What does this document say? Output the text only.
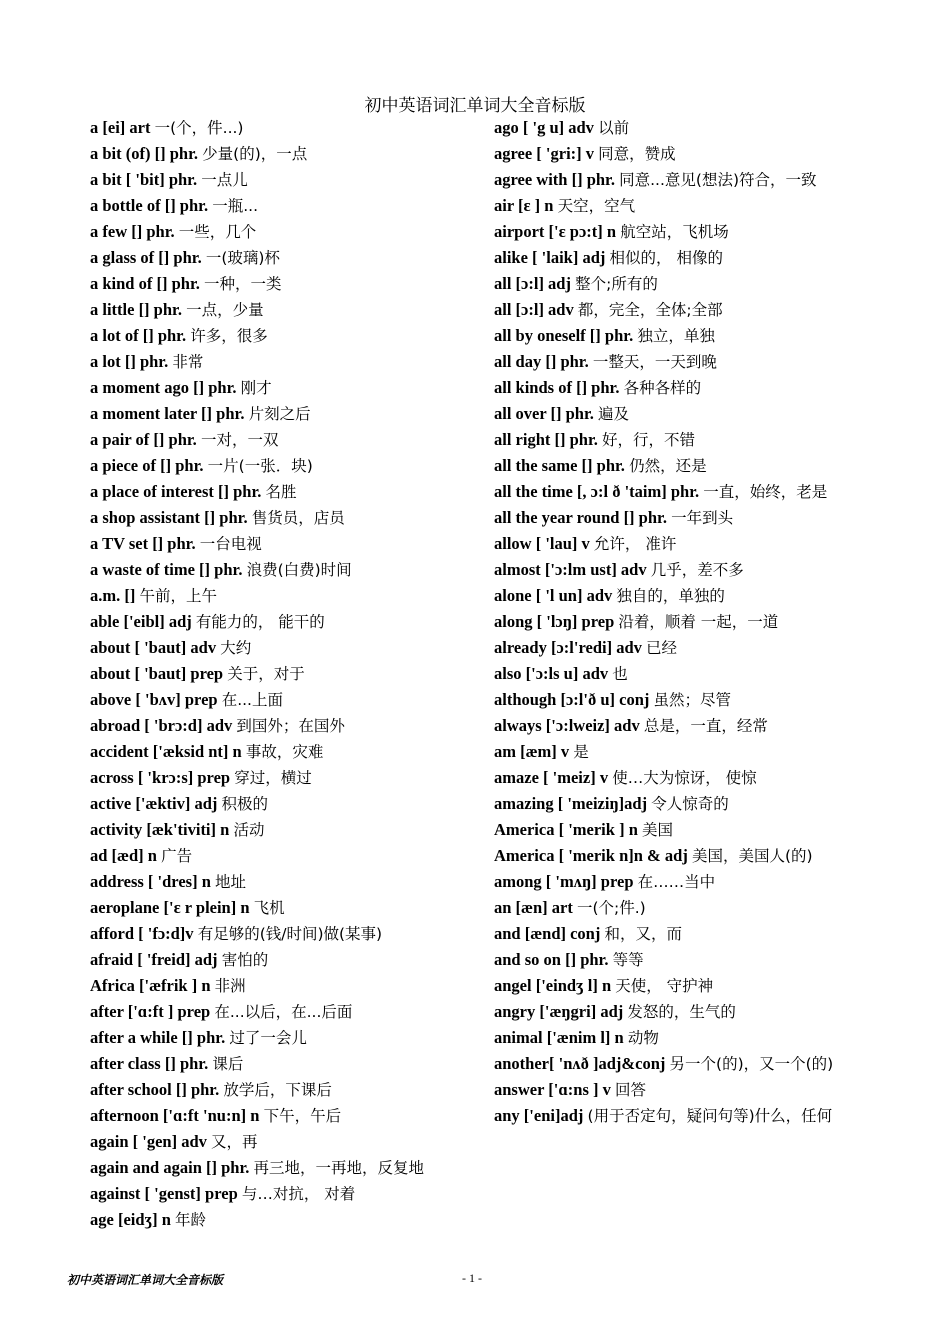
初中英语词汇单词大全音标版
a [ei] art 一(个，件...)
a bit (of) [] phr. 少量(的)，一点
a bit [ 'bit] phr. 一点儿
a bottle of [] phr. 一瓶...
a few [] phr. 一些，几个
a glass of [] phr. 一(玻璃)杯
a kind of [] phr. 一种，一类
a little [] phr. 一点，少量
a lot of [] phr. 许多，很多
a lot [] phr. 非常
a moment ago [] phr. 刚才
a moment later [] phr. 片刻之后
a pair of [] phr. 一对，一双
a piece of [] phr. 一片(一张．块)
a place of interest [] phr. 名胜
a shop assistant [] phr. 售货员，店员
a TV set [] phr. 一台电视
a waste of time [] phr. 浪费(白费)时间
a.m. [] 午前，上午
able ['eibl] adj 有能力的， 能干的
about [ 'baut] adv 大约
about [ 'baut] prep 关于，对于
above [ 'bʌv] prep 在...上面
abroad [ 'brɔ:d] adv 到国外；在国外
accident ['æksid nt] n 事故，灾难
across [ 'krɔ:s] prep 穿过，横过
active ['æktiv] adj 积极的
activity [æk'tiviti] n 活动
ad [æd] n 广告
address [ 'dres] n 地址
aeroplane ['ɛ r plein] n 飞机
afford [ 'fɔ:d]v 有足够的(钱/时间)做(某事)
afraid [ 'freid] adj 害怕的
Africa ['æfrik ] n 非洲
after ['ɑ:ft ] prep 在...以后，在...后面
after a while [] phr. 过了一会儿
after class [] phr. 课后
after school [] phr. 放学后，下课后
afternoon ['ɑ:ft 'nu:n] n 下午，午后
again [ 'gen] adv 又，再
again and again [] phr. 再三地，一再地，反复地
against [ 'genst] prep 与…对抗， 对着
age [eidʒ] n 年龄
ago [ 'g u] adv 以前
agree [ 'gri:] v 同意，赞成
agree with [] phr. 同意...意见(想法)符合，一致
air [ɛ ] n 天空，空气
airport ['ɛ pɔ:t] n 航空站，飞机场
alike [ 'laik] adj 相似的， 相像的
all [ɔ:l] adj 整个;所有的
all [ɔ:l] adv 都，完全，全体;全部
all by oneself [] phr. 独立，单独
all day [] phr. 一整天，一天到晚
all kinds of [] phr. 各种各样的
all over [] phr. 遍及
all right [] phr. 好，行，不错
all the same [] phr. 仍然，还是
all the time [, ɔ:l ð 'taim] phr. 一直，始终，老是
all the year round [] phr. 一年到头
allow [ 'lau] v 允许， 准许
almost ['ɔ:lm ust] adv 几乎，差不多
alone [ 'l un] adv 独自的，单独的
along [ 'lɔŋ] prep 沿着，顺着 一起，一道
already [ɔ:l'redi] adv 已经
also ['ɔ:ls u] adv 也
although [ɔ:l'ð u] conj 虽然；尽管
always ['ɔ:lweiz] adv 总是，一直，经常
am [æm] v 是
amaze [ 'meiz] v 使…大为惊讶， 使惊
amazing [ 'meiziŋ]adj 令人惊奇的
America [ 'merik ] n 美国
America [ 'merik n]n & adj 美国，美国人(的)
among [ 'mʌŋ] prep 在……当中
an [æn] art 一(个;件.)
and [ænd] conj 和，又，而
and so on [] phr. 等等
angel ['eindʒ l] n 天使， 守护神
angry ['æŋgri] adj 发怒的，生气的
animal ['ænim l] n 动物
another[ 'nʌð ]adj&conj 另一个(的)，又一个(的)
answer ['ɑ:ns ] v 回答
any ['eni]adj (用于否定句，疑问句等)什么，任何
初中英语词汇单词大全音标版	- 1 -
